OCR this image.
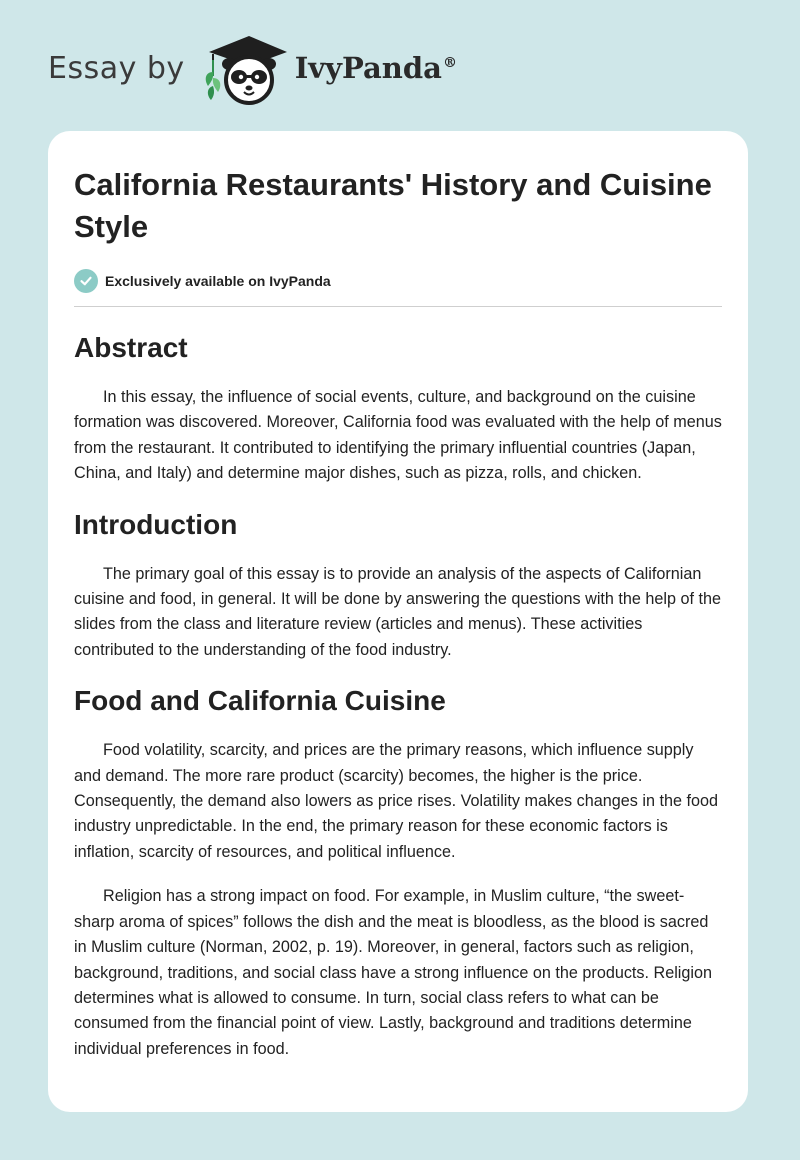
Essay by	IvyPanda®
California Restaurants' History and Cuisine Style
Exclusively available on IvyPanda
Abstract

In this essay, the influence of social events, culture, and background on the cuisine formation was discovered. Moreover, California food was evaluated with the help of menus from the restaurant. It contributed to identifying the primary influential countries (Japan, China, and Italy) and determine major dishes, such as pizza, rolls, and chicken.

Introduction

The primary goal of this essay is to provide an analysis of the aspects of Californian cuisine and food, in general. It will be done by answering the questions with the help of the slides from the class and literature review (articles and menus). These activities contributed to the understanding of the food industry.

Food and California Cuisine

Food volatility, scarcity, and prices are the primary reasons, which influence supply and demand. The more rare product (scarcity) becomes, the higher is the price. Consequently, the demand also lowers as price rises. Volatility makes changes in the food industry unpredictable. In the end, the primary reason for these economic factors is inflation, scarcity of resources, and political influence.

Religion has a strong impact on food. For example, in Muslim culture, “the sweet-sharp aroma of spices” follows the dish and the meat is bloodless, as the blood is sacred in Muslim culture (Norman, 2002, p. 19). Moreover, in general, factors such as religion, background, traditions, and social class have a strong influence on the products. Religion determines what is allowed to consume. In turn, social class refers to what can be consumed from the financial point of view. Lastly, background and traditions determine individual preferences in food.
